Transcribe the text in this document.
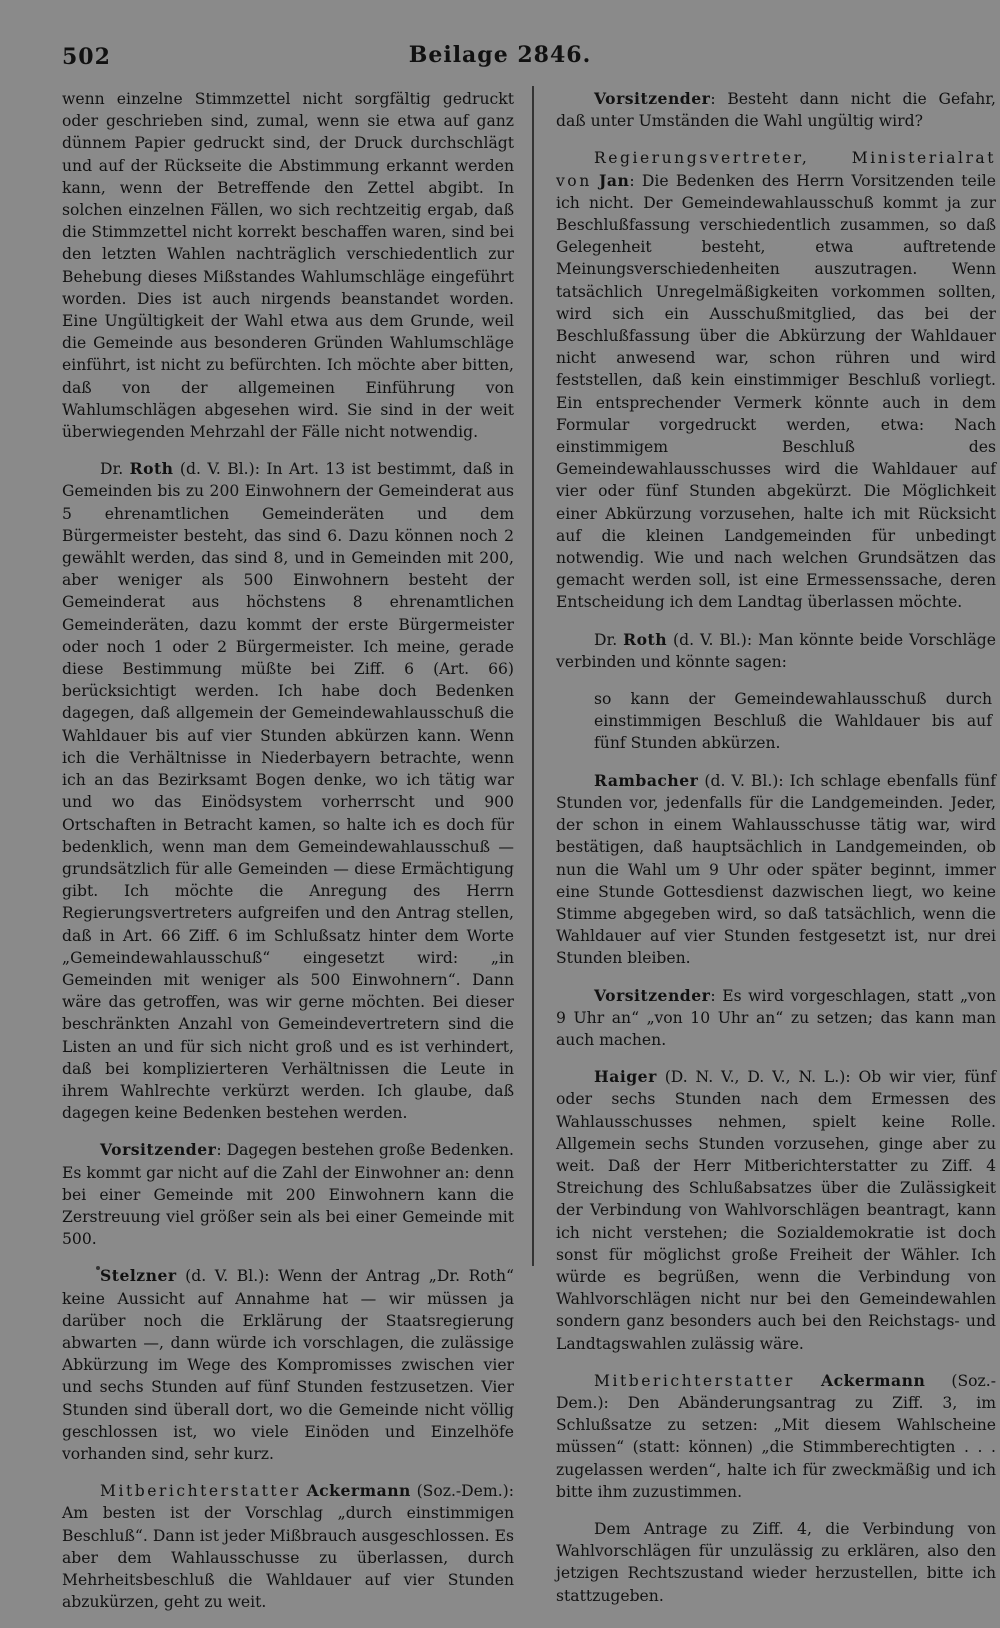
502	Beilage 2846.

wenn einzelne Stimmzettel nicht sorgfältig gedruckt oder geschrieben sind, zumal, wenn sie etwa auf ganz dünnem Papier gedruckt sind, der Druck durchschlägt und auf der Rückseite die Abstimmung erkannt werden kann, wenn der Betreffende den Zettel abgibt. In solchen einzelnen Fällen, wo sich rechtzeitig ergab, daß die Stimmzettel nicht korrekt beschaffen waren, sind bei den letzten Wahlen nachträglich verschiedentlich zur Behebung dieses Mißstandes Wahlumschläge eingeführt worden. Dies ist auch nirgends beanstandet worden. Eine Ungültigkeit der Wahl etwa aus dem Grunde, weil die Gemeinde aus besonderen Gründen Wahlumschläge einführt, ist nicht zu befürchten. Ich möchte aber bitten, daß von der allgemeinen Einführung von Wahlumschlägen abgesehen wird. Sie sind in der weit überwiegenden Mehrzahl der Fälle nicht notwendig.

Dr. Roth (d. V. Bl.): In Art. 13 ist bestimmt, daß in Gemeinden bis zu 200 Einwohnern der Gemeinderat aus 5 ehrenamtlichen Gemeinderäten und dem Bürgermeister besteht, das sind 6. Dazu können noch 2 gewählt werden, das sind 8, und in Gemeinden mit 200, aber weniger als 500 Einwohnern besteht der Gemeinderat aus höchstens 8 ehrenamtlichen Gemeinderäten, dazu kommt der erste Bürgermeister oder noch 1 oder 2 Bürgermeister. Ich meine, gerade diese Bestimmung müßte bei Ziff. 6 (Art. 66) berücksichtigt werden. Ich habe doch Bedenken dagegen, daß allgemein der Gemeindewahlausschuß die Wahldauer bis auf vier Stunden abkürzen kann. Wenn ich die Verhältnisse in Niederbayern betrachte, wenn ich an das Bezirksamt Bogen denke, wo ich tätig war und wo das Einödsystem vorherrscht und 900 Ortschaften in Betracht kamen, so halte ich es doch für bedenklich, wenn man dem Gemeindewahlausschuß — grundsätzlich für alle Gemeinden — diese Ermächtigung gibt. Ich möchte die Anregung des Herrn Regierungsvertreters aufgreifen und den Antrag stellen, daß in Art. 66 Ziff. 6 im Schlußsatz hinter dem Worte „Gemeindewahlausschuß“ eingesetzt wird: „in Gemeinden mit weniger als 500 Einwohnern“. Dann wäre das getroffen, was wir gerne möchten. Bei dieser beschränkten Anzahl von Gemeindevertretern sind die Listen an und für sich nicht groß und es ist verhindert, daß bei komplizierteren Verhältnissen die Leute in ihrem Wahlrechte verkürzt werden. Ich glaube, daß dagegen keine Bedenken bestehen werden.

Vorsitzender: Dagegen bestehen große Bedenken. Es kommt gar nicht auf die Zahl der Einwohner an: denn bei einer Gemeinde mit 200 Einwohnern kann die Zerstreuung viel größer sein als bei einer Gemeinde mit 500.

Stelzner (d. V. Bl.): Wenn der Antrag „Dr. Roth“ keine Aussicht auf Annahme hat — wir müssen ja darüber noch die Erklärung der Staatsregierung abwarten —, dann würde ich vorschlagen, die zulässige Abkürzung im Wege des Kompromisses zwischen vier und sechs Stunden auf fünf Stunden festzusetzen. Vier Stunden sind überall dort, wo die Gemeinde nicht völlig geschlossen ist, wo viele Einöden und Einzelhöfe vorhanden sind, sehr kurz.

Mitberichterstatter Ackermann (Soz.-Dem.): Am besten ist der Vorschlag „durch einstimmigen Beschluß“. Dann ist jeder Mißbrauch ausgeschlossen. Es aber dem Wahlausschusse zu überlassen, durch Mehrheitsbeschluß die Wahldauer auf vier Stunden abzukürzen, geht zu weit.

Vorsitzender: Besteht dann nicht die Gefahr, daß unter Umständen die Wahl ungültig wird?

Regierungsvertreter, Ministerialrat von Jan: Die Bedenken des Herrn Vorsitzenden teile ich nicht. Der Gemeindewahlausschuß kommt ja zur Beschlußfassung verschiedentlich zusammen, so daß Gelegenheit besteht, etwa auftretende Meinungsverschiedenheiten auszutragen. Wenn tatsächlich Unregelmäßigkeiten vorkommen sollten, wird sich ein Ausschußmitglied, das bei der Beschlußfassung über die Abkürzung der Wahldauer nicht anwesend war, schon rühren und wird feststellen, daß kein einstimmiger Beschluß vorliegt. Ein entsprechender Vermerk könnte auch in dem Formular vorgedruckt werden, etwa: Nach einstimmigem Beschluß des Gemeindewahlausschusses wird die Wahldauer auf vier oder fünf Stunden abgekürzt. Die Möglichkeit einer Abkürzung vorzusehen, halte ich mit Rücksicht auf die kleinen Landgemeinden für unbedingt notwendig. Wie und nach welchen Grundsätzen das gemacht werden soll, ist eine Ermessenssache, deren Entscheidung ich dem Landtag überlassen möchte.

Dr. Roth (d. V. Bl.): Man könnte beide Vorschläge verbinden und könnte sagen:

so kann der Gemeindewahlausschuß durch einstimmigen Beschluß die Wahldauer bis auf fünf Stunden abkürzen.

Rambacher (d. V. Bl.): Ich schlage ebenfalls fünf Stunden vor, jedenfalls für die Landgemeinden. Jeder, der schon in einem Wahlausschusse tätig war, wird bestätigen, daß hauptsächlich in Landgemeinden, ob nun die Wahl um 9 Uhr oder später beginnt, immer eine Stunde Gottesdienst dazwischen liegt, wo keine Stimme abgegeben wird, so daß tatsächlich, wenn die Wahldauer auf vier Stunden festgesetzt ist, nur drei Stunden bleiben.

Vorsitzender: Es wird vorgeschlagen, statt „von 9 Uhr an“ „von 10 Uhr an“ zu setzen; das kann man auch machen.

Haiger (D. N. V., D. V., N. L.): Ob wir vier, fünf oder sechs Stunden nach dem Ermessen des Wahlausschusses nehmen, spielt keine Rolle. Allgemein sechs Stunden vorzusehen, ginge aber zu weit. Daß der Herr Mitberichterstatter zu Ziff. 4 Streichung des Schlußabsatzes über die Zulässigkeit der Verbindung von Wahlvorschlägen beantragt, kann ich nicht verstehen; die Sozialdemokratie ist doch sonst für möglichst große Freiheit der Wähler. Ich würde es begrüßen, wenn die Verbindung von Wahlvorschlägen nicht nur bei den Gemeindewahlen sondern ganz besonders auch bei den Reichstags- und Landtagswahlen zulässig wäre.

Mitberichterstatter Ackermann (Soz.-Dem.): Den Abänderungsantrag zu Ziff. 3, im Schlußsatze zu setzen: „Mit diesem Wahlscheine müssen“ (statt: können) „die Stimmberechtigten . . . zugelassen werden“, halte ich für zweckmäßig und ich bitte ihm zuzustimmen.

Dem Antrage zu Ziff. 4, die Verbindung von Wahlvorschlägen für unzulässig zu erklären, also den jetzigen Rechtszustand wieder herzustellen, bitte ich stattzugeben.
